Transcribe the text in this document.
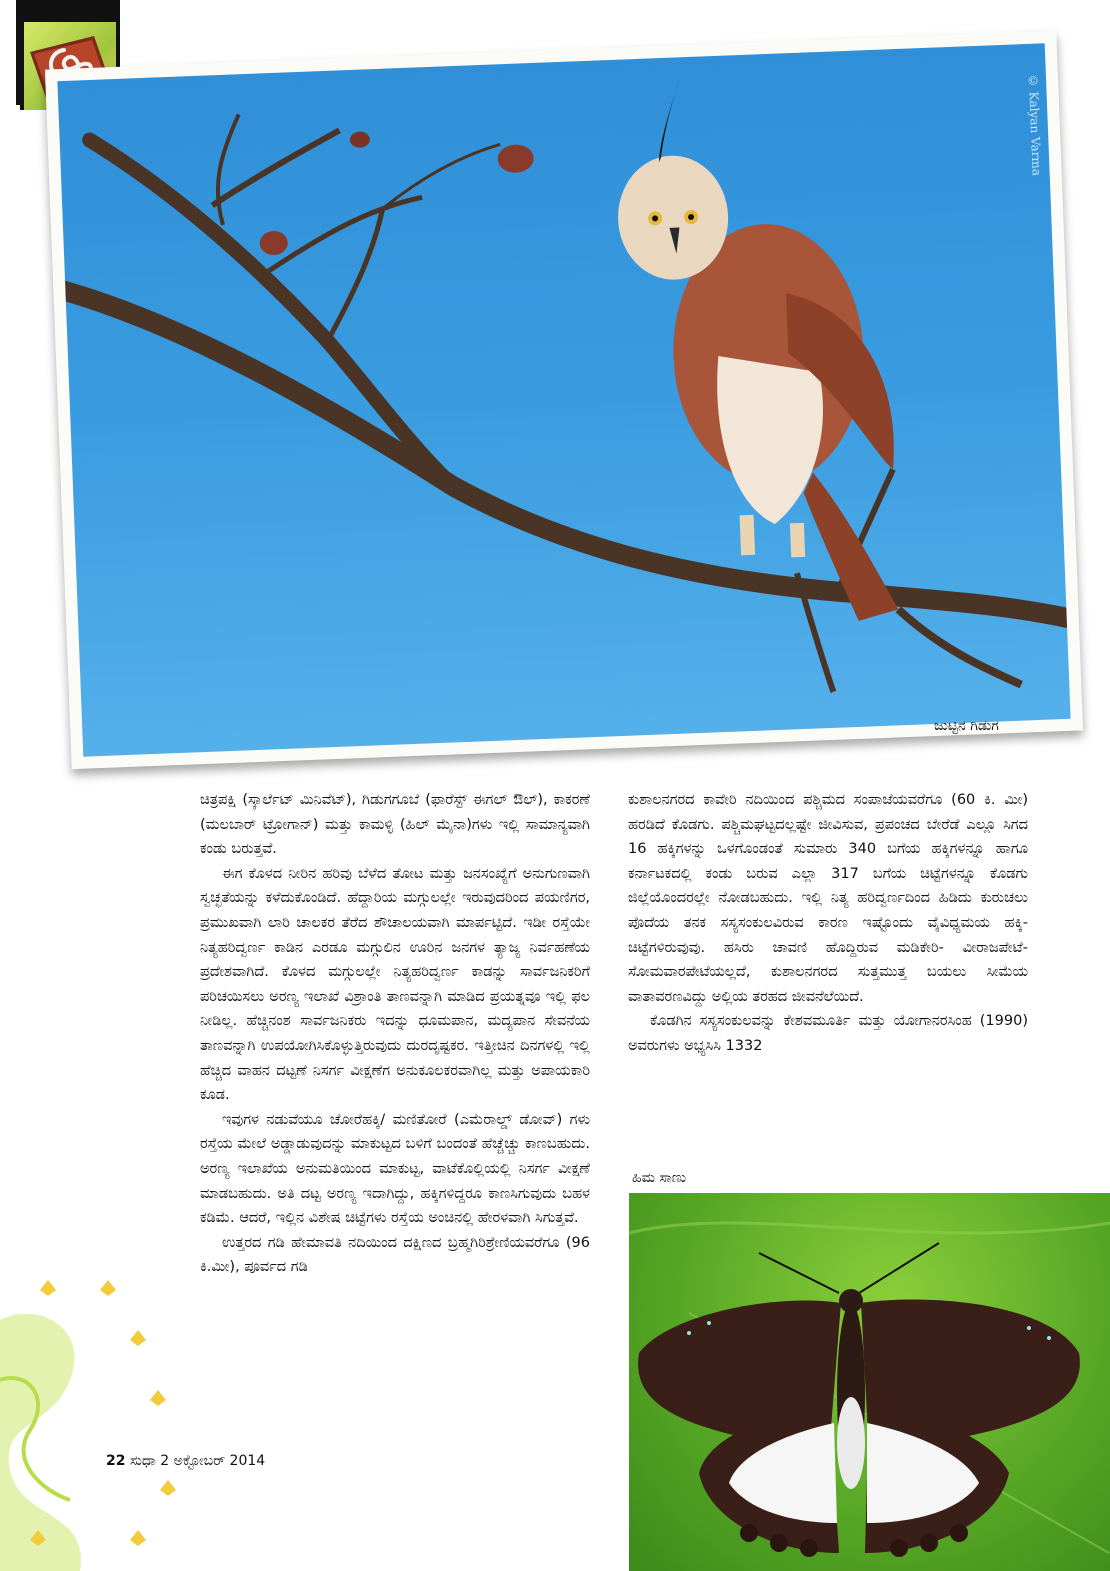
© Kalyan Varma
ಜುಟ್ಟಿನ ಗಿಡುಗ

ಚಿತ್ರಪಕ್ಷಿ (ಸ್ಕಾರ್ಲೆಟ್ ಮಿನಿವೆಟ್), ಗಿಡುಗಗೂಬೆ (ಫಾರೆಸ್ಟ್ ಈಗಲ್ ಔಲ್), ಕಾಕರಣೆ (ಮಲಬಾರ್ ಟ್ರೋಗಾನ್) ಮತ್ತು ಕಾಮಳ್ಳಿ (ಹಿಲ್ ಮೈನಾ)ಗಳು ಇಲ್ಲಿ ಸಾಮಾನ್ಯವಾಗಿ ಕಂಡು ಬರುತ್ತವೆ.

ಈಗ ಕೊಳದ ನೀರಿನ ಹರಿವು ಬೆಳೆದ ತೋಟ ಮತ್ತು ಜನಸಂಖ್ಯೆಗೆ ಅನುಗುಣವಾಗಿ ಸ್ವಚ್ಛತೆಯನ್ನು ಕಳೆದುಕೊಂಡಿದೆ. ಹೆದ್ದಾರಿಯ ಮಗ್ಗುಲಲ್ಲೇ ಇರುವುದರಿಂದ ಪಯಣಿಗರ, ಪ್ರಮುಖವಾಗಿ ಲಾರಿ ಚಾಲಕರ ತೆರೆದ ಶೌಚಾಲಯವಾಗಿ ಮಾರ್ಪಟ್ಟಿದೆ. ಇಡೀ ರಸ್ತೆಯೇ ನಿತ್ಯಹರಿದ್ವರ್ಣ ಕಾಡಿನ ಎರಡೂ ಮಗ್ಗುಲಿನ ಊರಿನ ಜನಗಳ ತ್ಯಾಜ್ಯ ನಿರ್ವಹಣೆಯ ಪ್ರದೇಶವಾಗಿದೆ. ಕೊಳದ ಮಗ್ಗುಲಲ್ಲೇ ನಿತ್ಯಹರಿದ್ವರ್ಣ ಕಾಡನ್ನು ಸಾರ್ವಜನಿಕರಿಗೆ ಪರಿಚಯಿಸಲು ಅರಣ್ಯ ಇಲಾಖೆ ವಿಶ್ರಾಂತಿ ತಾಣವನ್ನಾಗಿ ಮಾಡಿದ ಪ್ರಯತ್ನವೂ ಇಲ್ಲಿ ಫಲ ನೀಡಿಲ್ಲ. ಹೆಚ್ಚಿನಂಶ ಸಾರ್ವಜನಿಕರು ಇದನ್ನು ಧೂಮಪಾನ, ಮದ್ಯಪಾನ ಸೇವನೆಯ ತಾಣವನ್ನಾಗಿ ಉಪಯೋಗಿಸಿಕೊಳ್ಳುತ್ತಿರುವುದು ದುರದೃಷ್ಟಕರ. ಇತ್ತೀಚಿನ ದಿನಗಳಲ್ಲಿ ಇಲ್ಲಿ ಹೆಚ್ಚಿದ ವಾಹನ ದಟ್ಟಣೆ ನಿಸರ್ಗ ವೀಕ್ಷಣೆಗ ಅನುಕೂಲಕರವಾಗಿಲ್ಲ ಮತ್ತು ಅಪಾಯಕಾರಿ ಕೂಡ.

ಇವುಗಳ ನಡುವೆಯೂ ಚೋರೆಹಕ್ಕಿ/ ಮಣಿತೋರೆ (ಎಮೆರಾಲ್ಡ್ ಡೋವ್) ಗಳು ರಸ್ತೆಯ ಮೇಲೆ ಅಡ್ಡಾಡುವುದನ್ನು ಮಾಕುಟ್ಟದ ಬಳಿಗೆ ಬಂದಂತೆ ಹೆಚ್ಚೆಚ್ಚು ಕಾಣಬಹುದು. ಅರಣ್ಯ ಇಲಾಖೆಯ ಅನುಮತಿಯಿಂದ ಮಾಕುಟ್ಟ, ವಾಟೆಕೊಲ್ಲಿಯಲ್ಲಿ ನಿಸರ್ಗ ವೀಕ್ಷಣೆ ಮಾಡಬಹುದು. ಅತಿ ದಟ್ಟ ಅರಣ್ಯ ಇದಾಗಿದ್ದು, ಹಕ್ಕಿಗಳಿದ್ದರೂ ಕಾಣಸಿಗುವುದು ಬಹಳ ಕಡಿಮೆ. ಆದರೆ, ಇಲ್ಲಿನ ವಿಶೇಷ ಚಿಟ್ಟೆಗಳು ರಸ್ತೆಯ ಅಂಚಿನಲ್ಲಿ ಹೇರಳವಾಗಿ ಸಿಗುತ್ತವೆ.

ಉತ್ತರದ ಗಡಿ ಹೇಮಾವತಿ ನದಿಯಿಂದ ದಕ್ಷಿಣದ ಬ್ರಹ್ಮಗಿರಿಶ್ರೇಣಿಯವರೆಗೂ (96 ಕಿ.ಮೀ), ಪೂರ್ವದ ಗಡಿ

ಕುಶಾಲನಗರದ ಕಾವೇರಿ ನದಿಯಿಂದ ಪಶ್ಚಿಮದ ಸಂಪಾಜೆಯವರೆಗೂ (60 ಕಿ. ಮೀ) ಹರಡಿದೆ ಕೊಡಗು. ಪಶ್ಚಿಮಘಟ್ಟದಲ್ಲಷ್ಟೇ ಜೀವಿಸುವ, ಪ್ರಪಂಚದ ಬೇರೆಡೆ ಎಲ್ಲೂ ಸಿಗದ 16 ಹಕ್ಕಿಗಳನ್ನು ಒಳಗೊಂಡಂತೆ ಸುಮಾರು 340 ಬಗೆಯ ಹಕ್ಕಿಗಳನ್ನೂ ಹಾಗೂ ಕರ್ನಾಟಕದಲ್ಲಿ ಕಂಡು ಬರುವ ಎಲ್ಲಾ 317 ಬಗೆಯ ಚಿಟ್ಟೆಗಳನ್ನೂ ಕೊಡಗು ಜಿಲ್ಲೆಯೊಂದರಲ್ಲೇ ನೋಡಬಹುದು. ಇಲ್ಲಿ ನಿತ್ಯ ಹರಿದ್ವರ್ಣದಿಂದ ಹಿಡಿದು ಕುರುಚಲು ಪೊದೆಯ ತನಕ ಸಸ್ಯಸಂಕುಲವಿರುವ ಕಾರಣ ಇಷ್ಟೊಂದು ವೈವಿಧ್ಯಮಯ ಹಕ್ಕಿ-ಚಿಟ್ಟೆಗಳಿರುವುವು. ಹಸಿರು ಚಾವಣಿ ಹೊದ್ದಿರುವ ಮಡಿಕೇರಿ- ವೀರಾಜಪೇಟೆ- ಸೋಮವಾರಪೇಟೆಯಲ್ಲದೆ, ಕುಶಾಲನಗರದ ಸುತ್ತಮುತ್ತ ಬಯಲು ಸೀಮೆಯ ವಾತಾವರಣವಿದ್ದು ಅಲ್ಲಿಯ ತರಹದ ಜೀವನೆಲೆಯಿದೆ.

ಕೊಡಗಿನ ಸಸ್ಯಸಂಕುಲವನ್ನು ಕೇಶವಮೂರ್ತಿ ಮತ್ತು ಯೋಗಾನರಸಿಂಹ (1990) ಅವರುಗಳು ಅಭ್ಯಸಿಸಿ 1332

ಹಿಮ ಸಾಣು
22 ಸುಧಾ 2 ಅಕ್ಟೋಬರ್ 2014
